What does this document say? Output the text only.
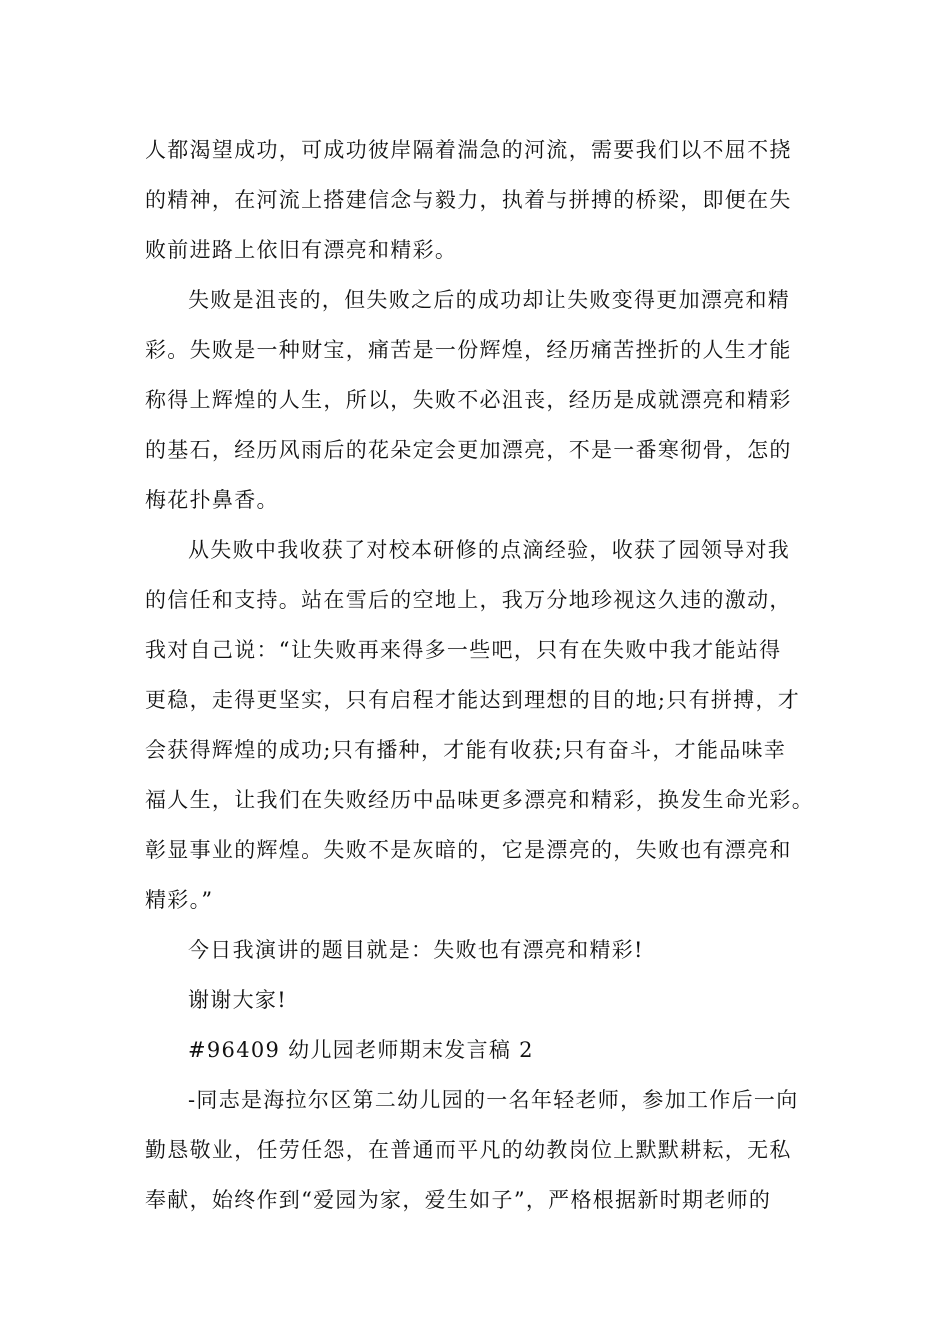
人都渴望成功，可成功彼岸隔着湍急的河流，需要我们以不屈不挠

的精神，在河流上搭建信念与毅力，执着与拼搏的桥梁，即便在失

败前进路上依旧有漂亮和精彩。

失败是沮丧的，但失败之后的成功却让失败变得更加漂亮和精

彩。失败是一种财宝，痛苦是一份辉煌，经历痛苦挫折的人生才能

称得上辉煌的人生，所以，失败不必沮丧，经历是成就漂亮和精彩

的基石，经历风雨后的花朵定会更加漂亮，不是一番寒彻骨，怎的

梅花扑鼻香。

从失败中我收获了对校本研修的点滴经验，收获了园领导对我

的信任和支持。站在雪后的空地上，我万分地珍视这久违的激动，

我对自己说：“让失败再来得多一些吧，只有在失败中我才能站得

更稳，走得更坚实，只有启程才能达到理想的目的地;只有拼搏，才

会获得辉煌的成功;只有播种，才能有收获;只有奋斗，才能品味幸

福人生，让我们在失败经历中品味更多漂亮和精彩，换发生命光彩。

彰显事业的辉煌。失败不是灰暗的，它是漂亮的，失败也有漂亮和

精彩。”

今日我演讲的题目就是：失败也有漂亮和精彩!

谢谢大家!

#96409 幼儿园老师期末发言稿 2

-同志是海拉尔区第二幼儿园的一名年轻老师，参加工作后一向

勤恳敬业，任劳任怨，在普通而平凡的幼教岗位上默默耕耘，无私

奉献，始终作到“爱园为家，爱生如子”，严格根据新时期老师的
